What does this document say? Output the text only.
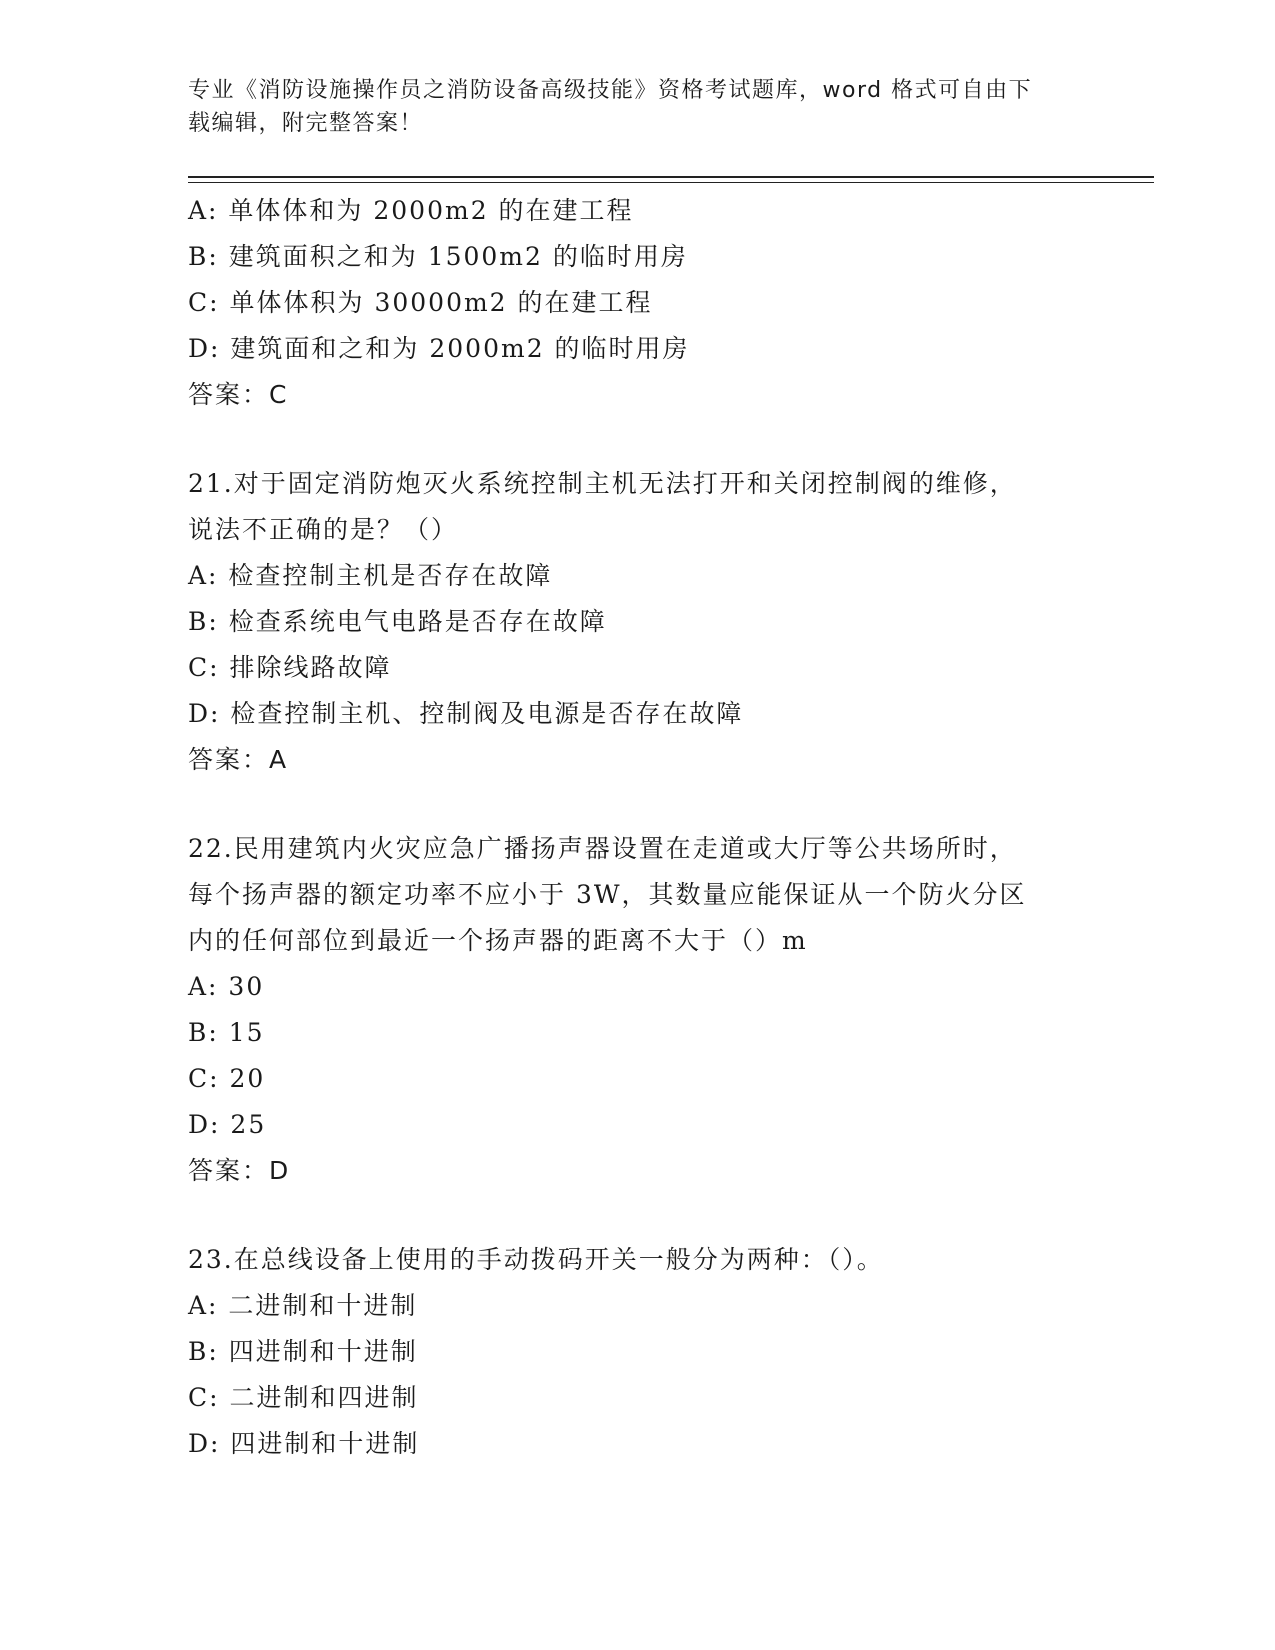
专业《消防设施操作员之消防设备高级技能》资格考试题库，word 格式可自由下
载编辑，附完整答案！
A: 单体体和为 2000m2 的在建工程
B: 建筑面积之和为 1500m2 的临时用房
C: 单体体积为 30000m2 的在建工程
D: 建筑面和之和为 2000m2 的临时用房
答案：C
21.对于固定消防炮灭火系统控制主机无法打开和关闭控制阀的维修，
说法不正确的是？（）
A: 检查控制主机是否存在故障
B: 检查系统电气电路是否存在故障
C: 排除线路故障
D: 检查控制主机、控制阀及电源是否存在故障
答案：A
22.民用建筑内火灾应急广播扬声器设置在走道或大厅等公共场所时，
每个扬声器的额定功率不应小于 3W，其数量应能保证从一个防火分区
内的任何部位到最近一个扬声器的距离不大于（）m
A: 30
B: 15
C: 20
D: 25
答案：D
23.在总线设备上使用的手动拨码开关一般分为两种：（）。
A: 二进制和十进制
B: 四进制和十进制
C: 二进制和四进制
D: 四进制和十进制
